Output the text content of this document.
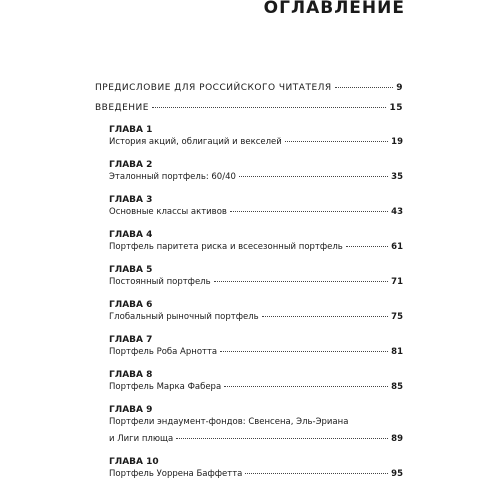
ОГЛАВЛЕНИЕ
ПРЕДИСЛОВИЕ ДЛЯ РОССИЙСКОГО ЧИТАТЕЛЯ	9
ВВЕДЕНИЕ	15
ГЛАВА 1
История акций, облигаций и векселей	19
ГЛАВА 2
Эталонный портфель: 60/40	35
ГЛАВА 3
Основные классы активов	43
ГЛАВА 4
Портфель паритета риска и всесезонный портфель	61
ГЛАВА 5
Постоянный портфель	71
ГЛАВА 6
Глобальный рыночный портфель	75
ГЛАВА 7
Портфель Роба Арнотта	81
ГЛАВА 8
Портфель Марка Фабера	85
ГЛАВА 9
Портфели эндаумент-фондов: Свенсена, Эль-Эриана
и Лиги плюща	89
ГЛАВА 10
Портфель Уоррена Баффетта	95
